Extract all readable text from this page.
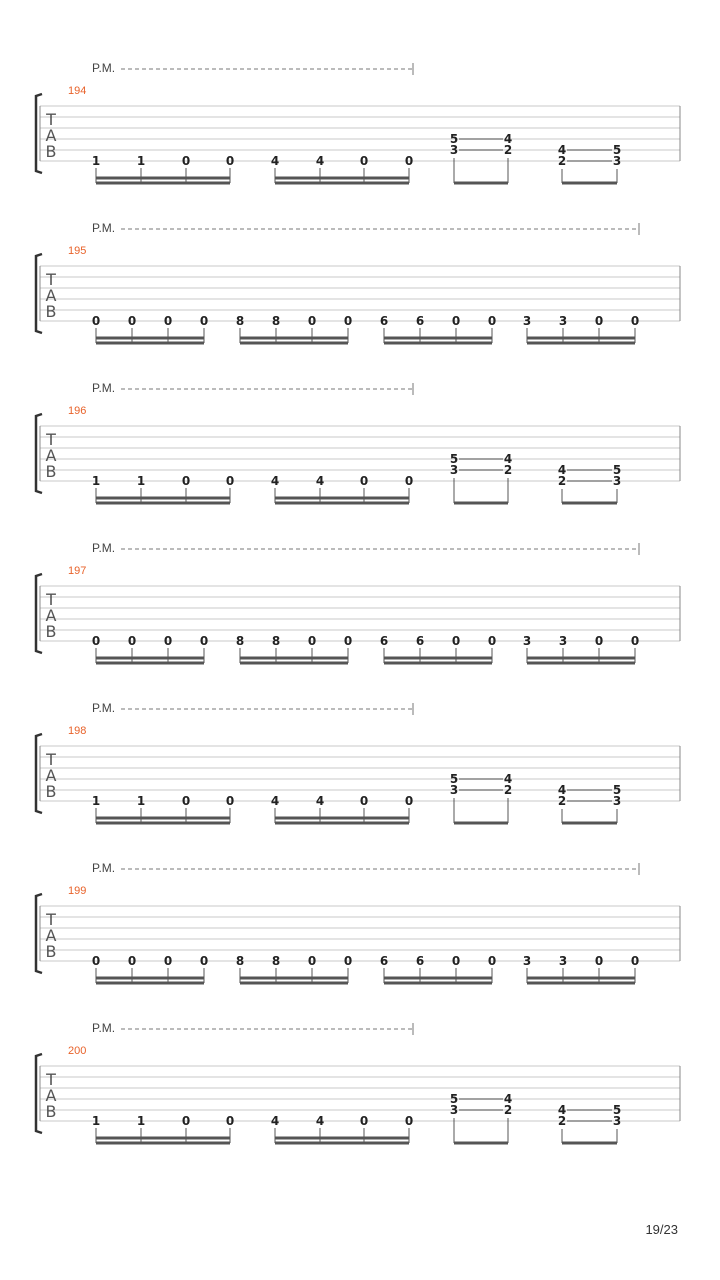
P.M.
194
T
A
B	1	1	0	0	4	4	0	0
5
3
4
2	4
2
5
3
P.M.
195
T
A
B	0 0 0 0 8 8 0 0 6 6 0 0 3 3 0 0
P.M.
196
T
A
B	1	1	0	0	4	4	0	0
5
3
4
2	4
2
5
3
P.M.
197
T
A
B	0 0 0 0 8 8 0 0 6 6 0 0 3 3 0 0
P.M.
198
T
A
B	1	1	0	0	4	4	0	0
5
3
4
2	4
2
5
3
P.M.
199
T
A
B	0 0 0 0 8 8 0 0 6 6 0 0 3 3 0 0
P.M.
200
T
A
B	1	1	0	0	4	4	0	0
5
3
4
2	4
2
5
3
19/23
